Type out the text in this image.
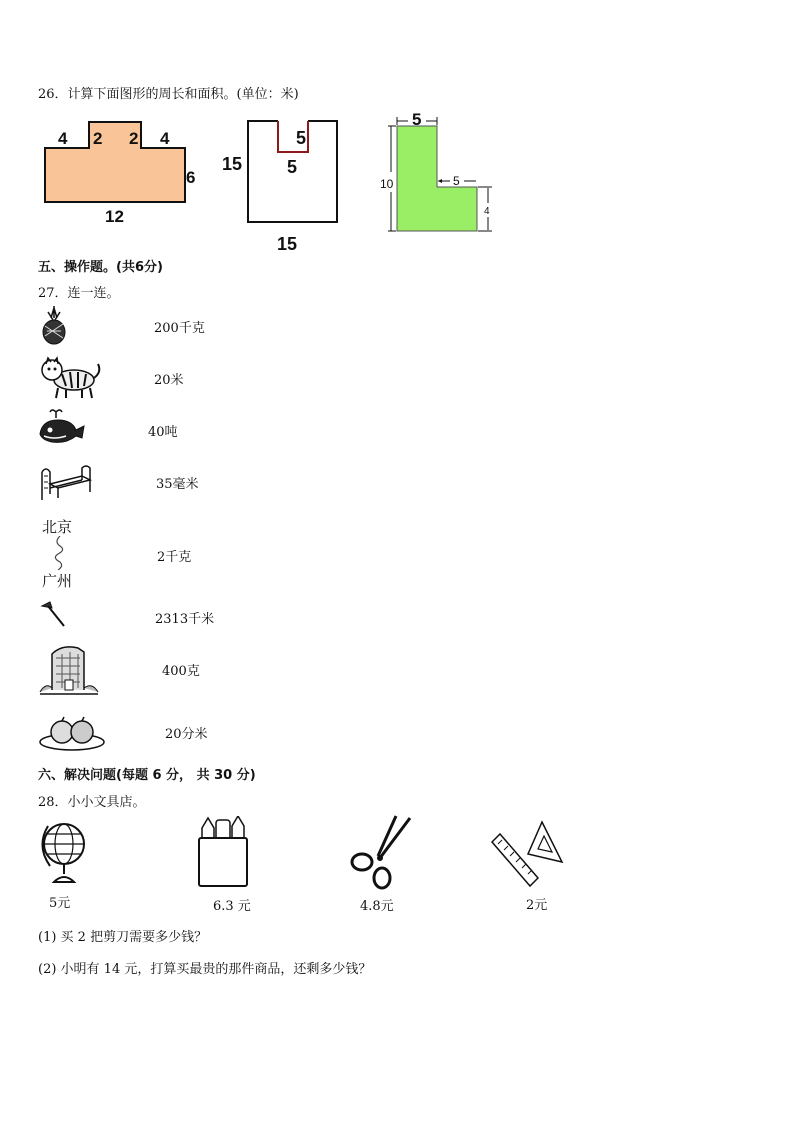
26．计算下面图形的周长和面积。(单位：米)
4 2 2 4
6
12
5
5
15
15
5
10	5
4
五、操作题。(共6分)
27．连一连。
北京
广州
200千克
20米
40吨
35毫米
2千克
2313千米
400克
20分米
六、解决问题(每题 6 分， 共 30 分)
28．小小文具店。
5元	6.3 元	4.8元	2元
(1) 买 2 把剪刀需要多少钱？
(2) 小明有 14 元，打算买最贵的那件商品，还剩多少钱？
